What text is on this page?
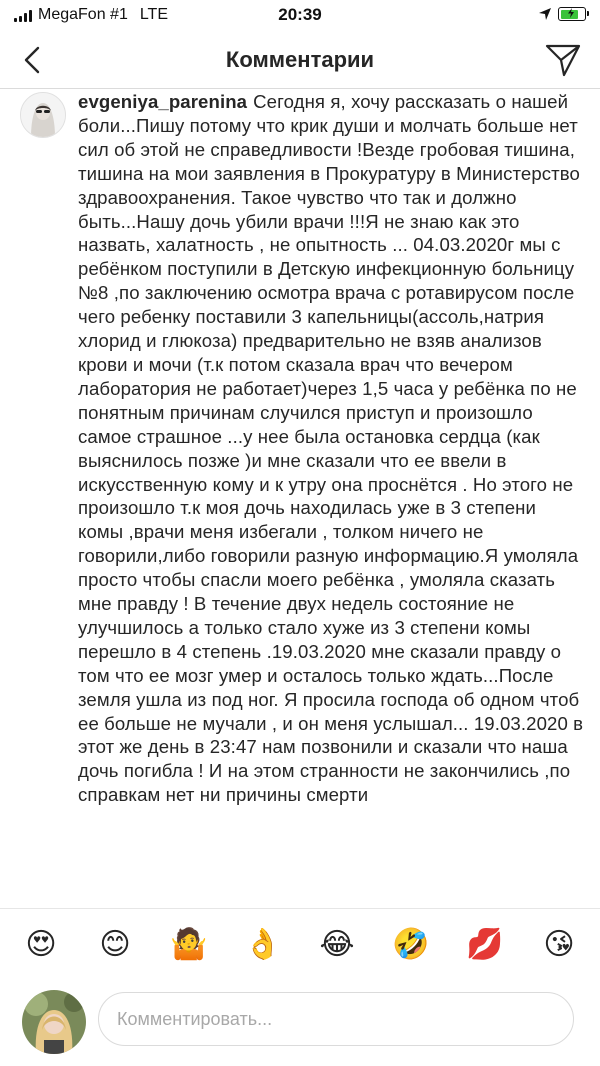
MegaFon #1 LTE	20:39
Комментарии

evgeniya_parenina Сегодня я, хочу рассказать о нашей боли...Пишу потому что крик души и молчать больше нет сил об этой не справедливости !Везде гробовая тишина, тишина на мои заявления в Прокуратуру в Министерство здравоохранения. Такое чувство что так и должно быть...Нашу дочь убили врачи !!!Я не знаю как это назвать, халатность , не опытность ... 04.03.2020г мы с

ребёнком поступили в Детскую инфекционную больницу №8 ,по заключению осмотра врача с ротавирусом после чего ребенку поставили 3 капельницы(ассоль,натрия хлорид и глюкоза) предварительно не взяв анализов крови и мочи (т.к потом сказала врач что вечером лаборатория не работает)через 1,5 часа у ребёнка по не понятным причинам случился приступ и произошло самое страшное ...у нее была остановка сердца (как выяснилось позже )и мне сказали что ее ввели в искусственную кому и к утру она проснётся . Но этого не произошло т.к моя дочь находилась уже в 3 степени комы ,врачи меня избегали , толком ничего не говорили,либо говорили разную информацию.Я умоляла просто чтобы спасли моего ребёнка , умоляла сказать мне правду ! В течение двух недель состояние не улучшилось а только стало хуже из 3 степени комы перешло в 4 степень .19.03.2020 мне сказали правду о том что ее мозг умер и осталось только ждать...После земля ушла из под ног. Я просила господа об одном чтоб ее больше не мучали , и он меня услышал... 19.03.2020 в этот же день в 23:47 нам позвонили и сказали что наша дочь погибла ! И на этом странности не закончились ,по справкам нет ни причины смерти

😍 😊 🤷 👌 😂 🤣 💋 😘
Комментировать...
